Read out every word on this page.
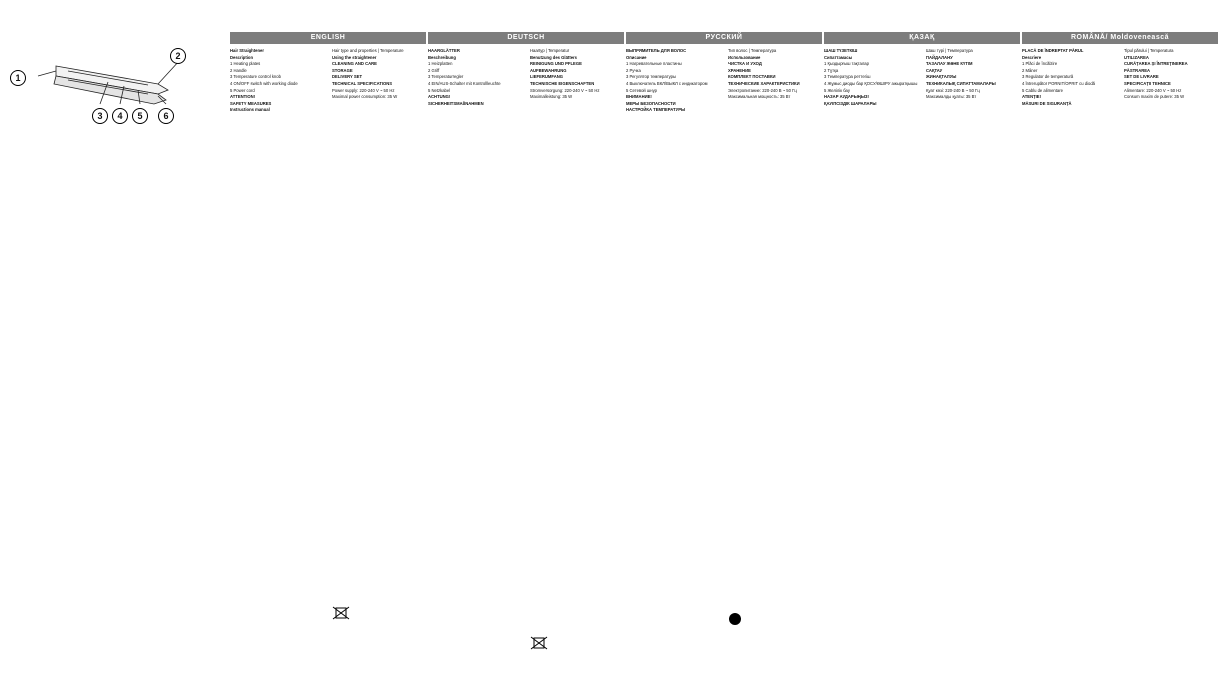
1
2
3	4	5	6
ENGLISH

Hair Straightener

Description

1 Heating plates

2 Handle

3 Temperature control knob

4 ON/OFF switch with working diode

5 Power cord

ATTENTION!

SAFETY MEASURES

Instructions manual

Hair type and properties | Temperature

Using the straightener

CLEANING AND CARE

STORAGE

DELIVERY SET

TECHNICAL SPECIFICATIONS

Power supply: 220-240 V ~ 50 Hz

Maximal power consumption: 35 W

DEUTSCH

HAARGLÄTTER

Beschreibung

1 Heizplatten

2 Griff

3 Temperaturregler

4 EIN/AUS-Schalter mit Kontrollleuchte

5 Netzkabel

ACHTUNG!

SICHERHEITSMAßNAHMEN

Haartyp | Temperatur

Benutzung des Glätters

REINIGUNG UND PFLEGE

AUFBEWAHRUNG

LIEFERUMFANG

TECHNISCHE EIGENSCHAFTEN

Stromversorgung: 220-240 V ~ 50 Hz

Maximalleistung: 35 W

РУССКИЙ

ВЫПРЯМИТЕЛЬ ДЛЯ ВОЛОС

Описание

1 Нагревательные пластины

2 Ручка

3 Регулятор температуры

4 Выключатель ВКЛ/ВЫКЛ с индикатором

5 Сетевой шнур

ВНИМАНИЕ!

МЕРЫ БЕЗОПАСНОСТИ

НАСТРОЙКА ТЕМПЕРАТУРЫ

Тип волос | Температура

Использование

ЧИСТКА И УХОД

ХРАНЕНИЕ

КОМПЛЕКТ ПОСТАВКИ

ТЕХНИЧЕСКИЕ ХАРАКТЕРИСТИКИ

Электропитание: 220-240 В ~ 50 Гц

Максимальная мощность: 35 Вт

ҚАЗАҚ

ШАШ ТҮЗЕТКІШ

Сипаттамасы

1 Қыздырғыш тақталар

2 Тұтқа

3 Температура реттегіш

4 Жұмыс диоды бар ҚОСУ/ӨШІРУ ажыратқышы

5 Желілік бау

НАЗАР АУДАРЫҢЫЗ!

ҚАУІПСІЗДІК ШАРАЛАРЫ

Шаш түрі | Температура

ПАЙДАЛАНУ

ТАЗАЛАУ ЖӘНЕ КҮТІМ

САҚТАУ

ЖИНАҚТАЛУЫ

ТЕХНИКАЛЫҚ СИПАТТАМАЛАРЫ

Қуат көзі: 220-240 В ~ 50 Гц

Максималды қуаты: 35 Вт

ROMÂNĂ/ Moldovenească

PLACĂ DE ÎNDREPTAT PĂRUL

Descriere

1 Plăci de încălzire

2 Mâner

3 Regulator de temperatură

4 Întrerupător PORNIT/OPRIT cu diodă

5 Cablu de alimentare

ATENȚIE!

MĂSURI DE SIGURANȚĂ

Tipul părului | Temperatura

UTILIZAREA

CURĂȚAREA ȘI ÎNTREȚINEREA

PĂSTRAREA

SET DE LIVRARE

SPECIFICAȚII TEHNICE

Alimentare: 220-240 V ~ 50 Hz

Consum maxim de putere: 35 W
